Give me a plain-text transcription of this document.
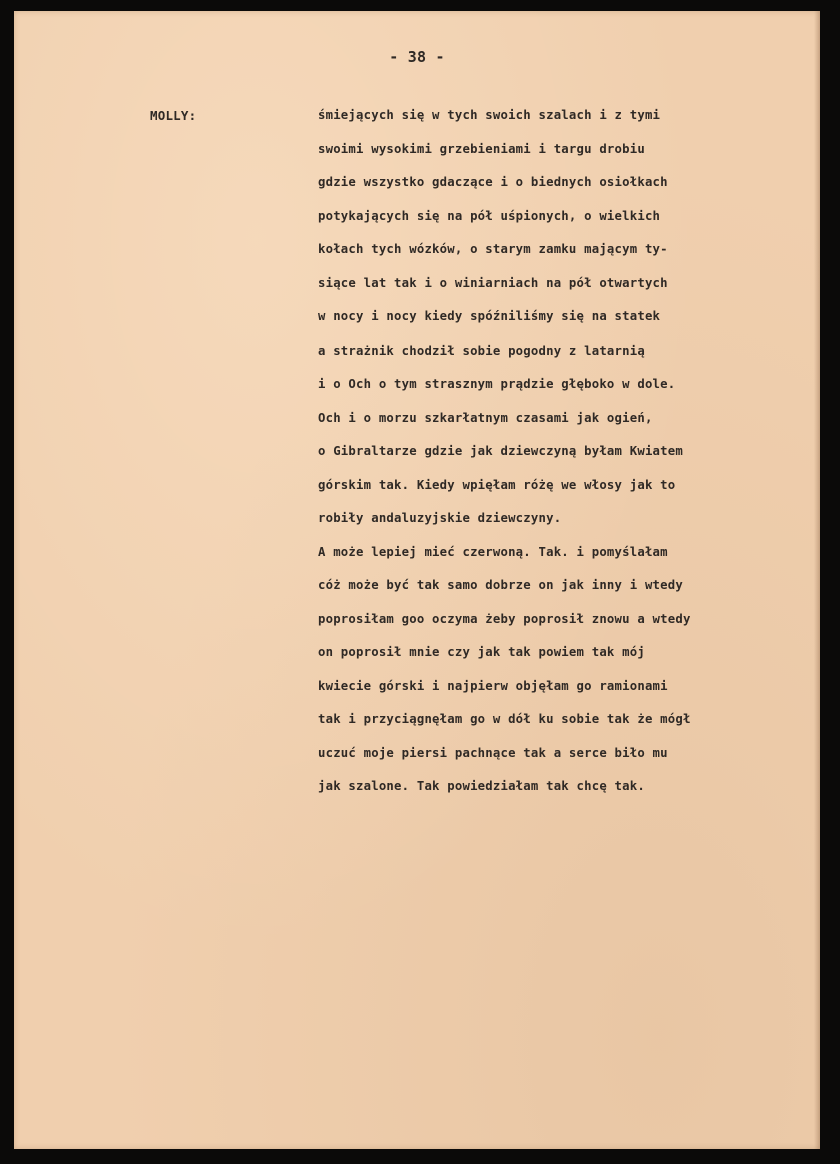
- 38 -
MOLLY:	śmiejących się w tych swoich szalach i z tymi
swoimi wysokimi grzebieniami i targu drobiu
gdzie wszystko gdaczące i o biednych osiołkach
potykających się na pół uśpionych, o wielkich
kołach tych wózków, o starym zamku mającym ty-
siące lat tak i o winiarniach na pół otwartych
w nocy i nocy kiedy spóźniliśmy się na statek
a strażnik chodził sobie pogodny z latarnią
i o Och o tym strasznym prądzie głęboko w dole.
Och i o morzu szkarłatnym czasami jak ogień,
o Gibraltarze gdzie jak dziewczyną byłam Kwiatem
górskim tak. Kiedy wpięłam różę we włosy jak to
robiły andaluzyjskie dziewczyny.
A może lepiej mieć czerwoną. Tak. i pomyślałam
cóż może być tak samo dobrze on jak inny i wtedy
poprosiłam goo oczyma żeby poprosił znowu a wtedy
on poprosił mnie czy jak tak powiem tak mój
kwiecie górski i najpierw objęłam go ramionami
tak i przyciągnęłam go w dół ku sobie tak że mógł
uczuć moje piersi pachnące tak a serce biło mu
jak szalone. Tak powiedziałam tak chcę tak.
